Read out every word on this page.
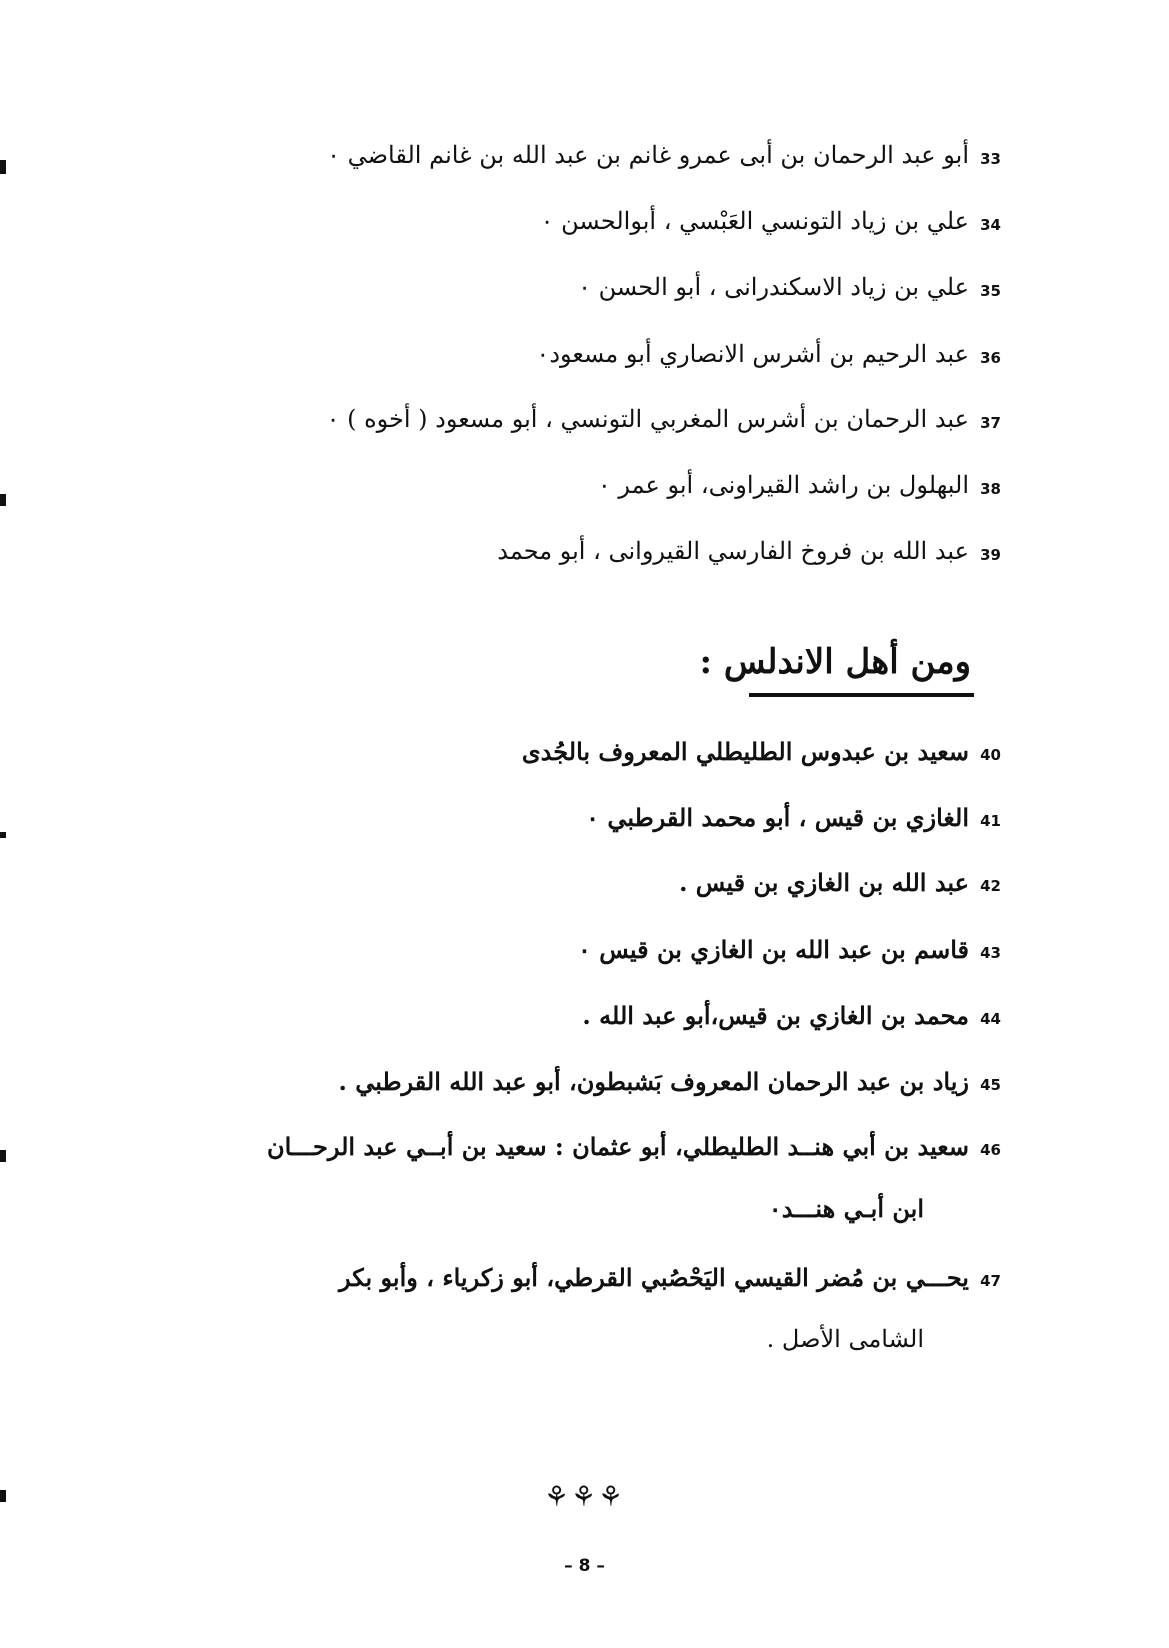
33
أبو عبد الرحمان بن أبى عمرو غانم بن عبد الله بن غانم القاضي ٠
34
علي بن زياد التونسي العَبْسي ، أبوالحسن ٠
35
علي بن زياد الاسكندرانى ، أبو الحسن ٠
36
عبد الرحيم بن أشرس الانصاري أبو مسعود٠
37
عبد الرحمان بن أشرس المغربي التونسي ، أبو مسعود ( أخوه ) ٠
38
البهلول بن راشد القيراونى، أبو عمر ٠
39
عبد الله بن فروخ الفارسي القيروانى ، أبو محمد
ومن أهل الاندلس :
40
سعيد بن عبدوس الطليطلي المعروف بالجُدى
41
الغازي بن قيس ، أبو محمد القرطبي ٠
42
عبد الله بن الغازي بن قيس .
43
قاسم بن عبد الله بن الغازي بن قيس ٠
44
محمد بن الغازي بن قيس،أبو عبد الله .
45
زياد بن عبد الرحمان المعروف بَشبطون، أبو عبد الله القرطبي .
46
سعيد بن أبي هنــد الطليطلي، أبو عثمان : سعيد بن أبــي عبد الرحـــان
ابن أبـي هنـــد٠
47
يحـــي بن مُضر القيسي اليَحْصُبي القرطي، أبو زكرياء ، وأبو بكر
الشامى الأصل .
⚘⚘⚘
– 8 –
